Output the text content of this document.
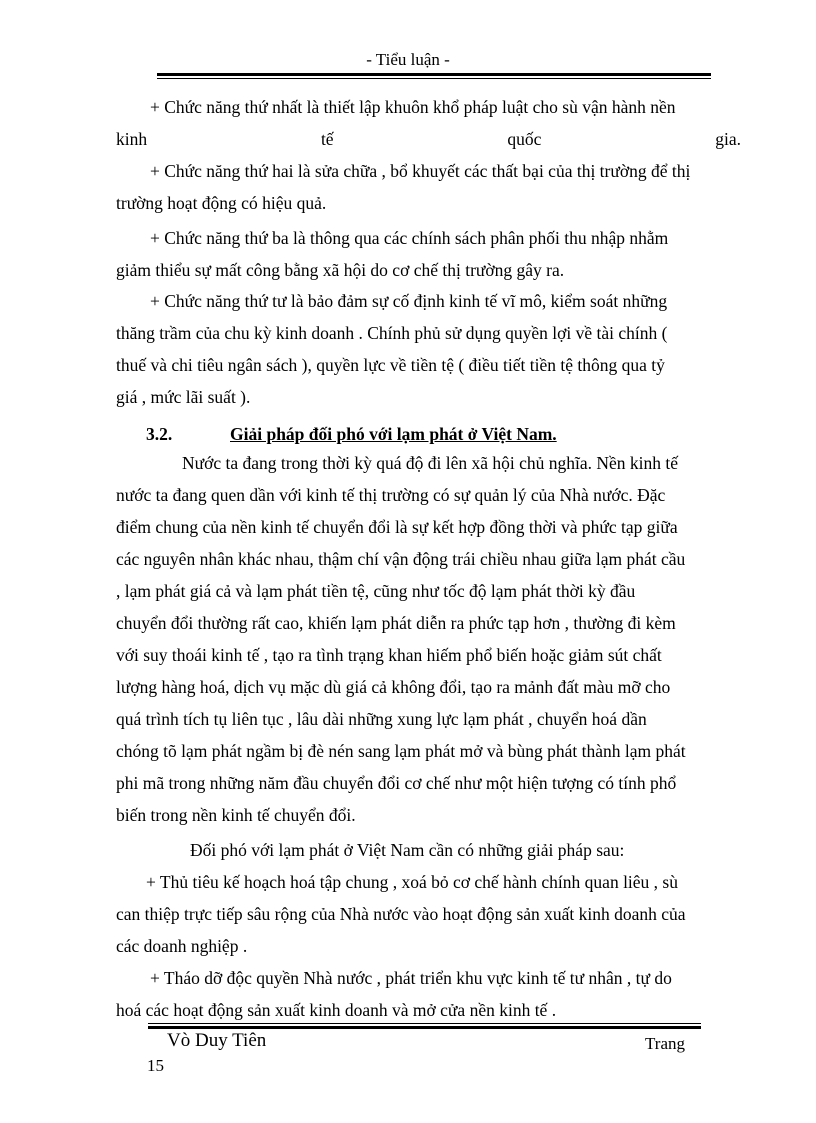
- Tiểu luận -
+ Chức năng thứ nhất là thiết lập khuôn khổ pháp luật cho sù vận hành nền
kinh tế quốc gia.
+ Chức năng thứ hai là sửa chữa , bổ khuyết các thất bại của thị trường để thị
trường hoạt động có hiệu quả.
+ Chức năng thứ ba là thông qua các chính sách phân phối thu nhập nhằm
giảm thiểu sự mất công bằng xã hội do cơ chế thị trường gây ra.
+ Chức năng thứ tư là bảo đảm sự cố định kinh tế vĩ mô, kiểm soát những
thăng trầm của chu kỳ kinh doanh . Chính phủ sử dụng quyền lợi về tài chính (
thuế và chi tiêu ngân sách ), quyền lực về tiền tệ ( điều tiết tiền tệ thông qua tỷ
giá , mức lãi suất ).
3.2.	Giải pháp đối phó với lạm phát ở Việt Nam.
Nước ta đang trong thời kỳ quá độ đi lên xã hội chủ nghĩa. Nền kinh tế
nước ta đang quen dần với kinh tế thị trường có sự quản lý của Nhà nước. Đặc
điểm chung của nền kinh tế chuyển đổi là sự kết hợp đồng thời và phức tạp giữa
các nguyên nhân khác nhau, thậm chí vận động trái chiều nhau giữa lạm phát cầu
, lạm phát giá cả và lạm phát tiền tệ, cũng như tốc độ lạm phát thời kỳ đầu
chuyển đổi thường rất cao, khiến lạm phát diễn ra phức tạp hơn , thường đi kèm
với suy thoái kinh tế , tạo ra tình trạng khan hiếm phổ biến hoặc giảm sút chất
lượng hàng hoá, dịch vụ mặc dù giá cả không đổi, tạo ra mảnh đất màu mỡ cho
quá trình tích tụ liên tục , lâu dài những xung lực lạm phát , chuyển hoá dần
chóng tõ lạm phát ngầm bị đè nén sang lạm phát mở và bùng phát thành lạm phát
phi mã trong những năm đầu chuyển đổi cơ chế như một hiện tượng có tính phổ
biến trong nền kinh tế chuyển đổi.
Đối phó với lạm phát ở Việt Nam cần có những giải pháp sau:
+ Thủ tiêu kế hoạch hoá tập chung , xoá bỏ cơ chế hành chính quan liêu , sù
can thiệp trực tiếp sâu rộng của Nhà nước vào hoạt động sản xuất kinh doanh của
các doanh nghiệp .
+ Tháo dỡ độc quyền Nhà nước , phát triển khu vực kinh tế tư nhân , tự do
hoá các hoạt động sản xuất kinh doanh và mở cửa nền kinh tế .
Vò Duy Tiên	Trang
15
